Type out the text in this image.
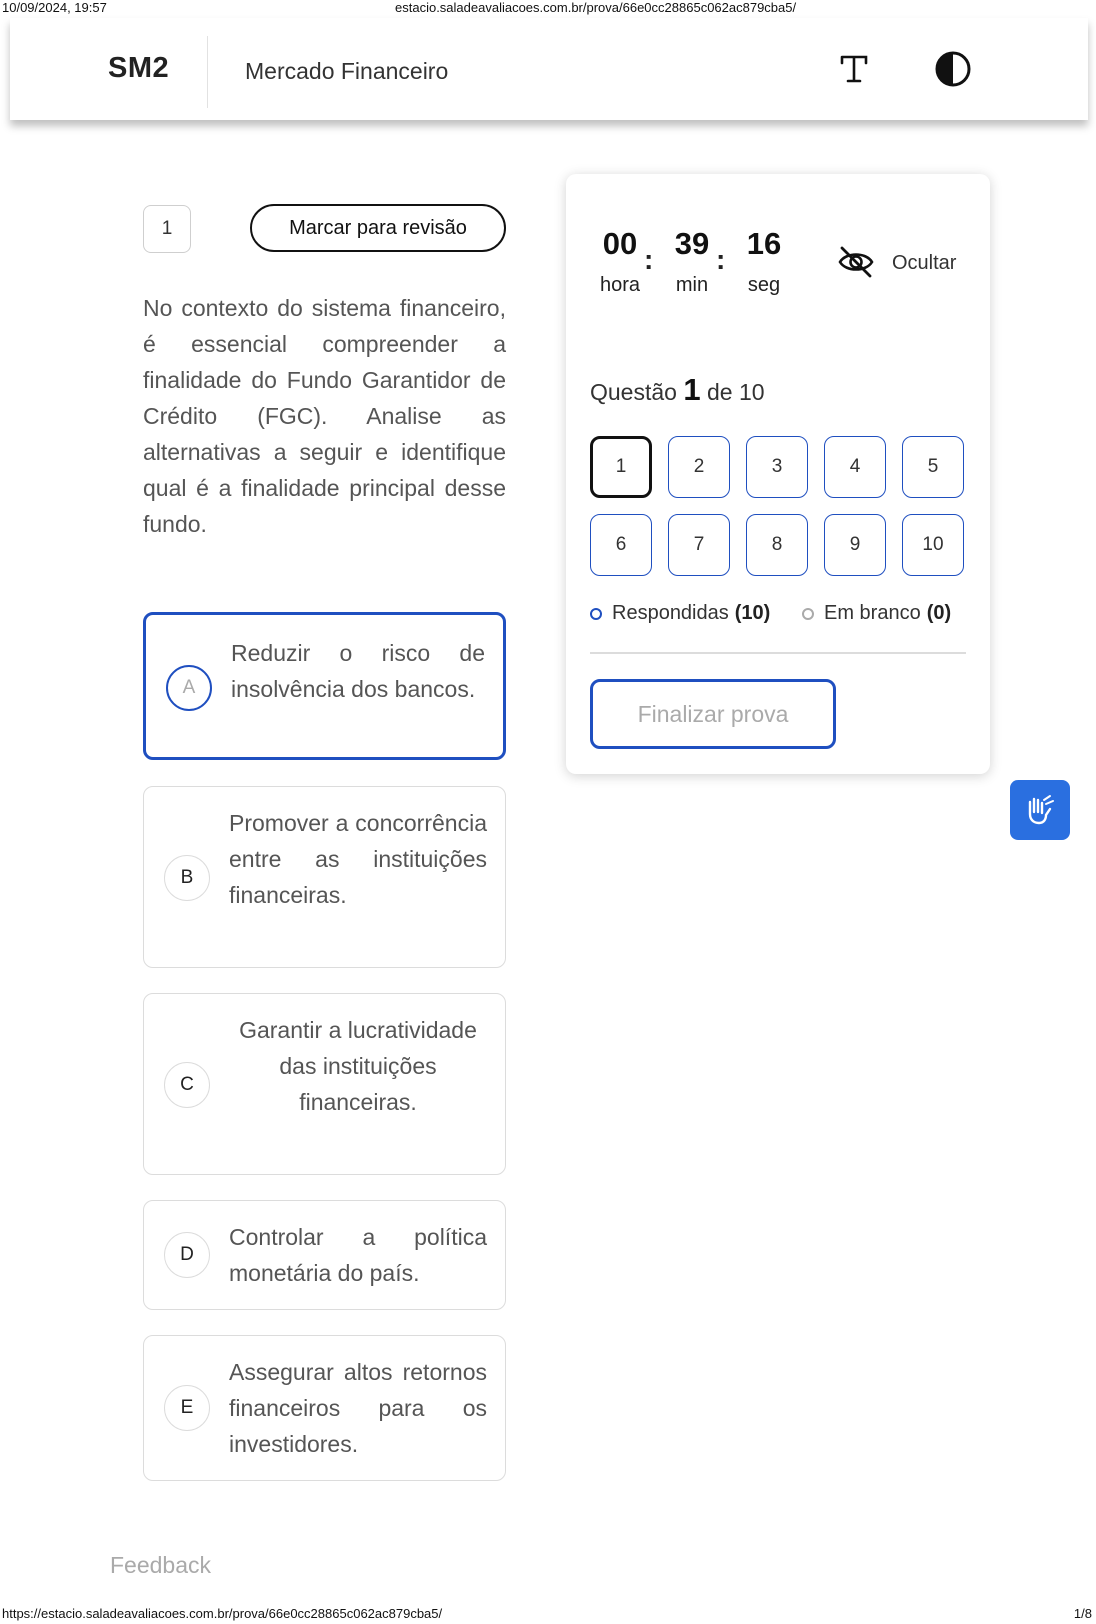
10/09/2024, 19:57	estacio.saladeavaliacoes.com.br/prova/66e0cc28865c062ac879cba5/
SM2	Mercado Financeiro
1	Marcar para revisão
No contexto do sistema financeiro, é essencial compreender a finalidade do Fundo Garantidor de Crédito (FGC). Analise as alternativas a seguir e identifique qual é a finalidade principal desse fundo.
A
Reduzir o risco de insolvência dos bancos.
B
Promover a concorrência entre as instituições financeiras.
C
Garantir a lucratividade das instituições financeiras.
D
Controlar a política monetária do país.
E
Assegurar altos retornos financeiros para os investidores.
00
hora
: 39
min
: 16
seg
Ocultar
Questão 1 de 10
1	2	3	4	5
6	7	8	9	10
Respondidas (10)	Em branco (0)
Finalizar prova
Feedback
https://estacio.saladeavaliacoes.com.br/prova/66e0cc28865c062ac879cba5/	1/8
